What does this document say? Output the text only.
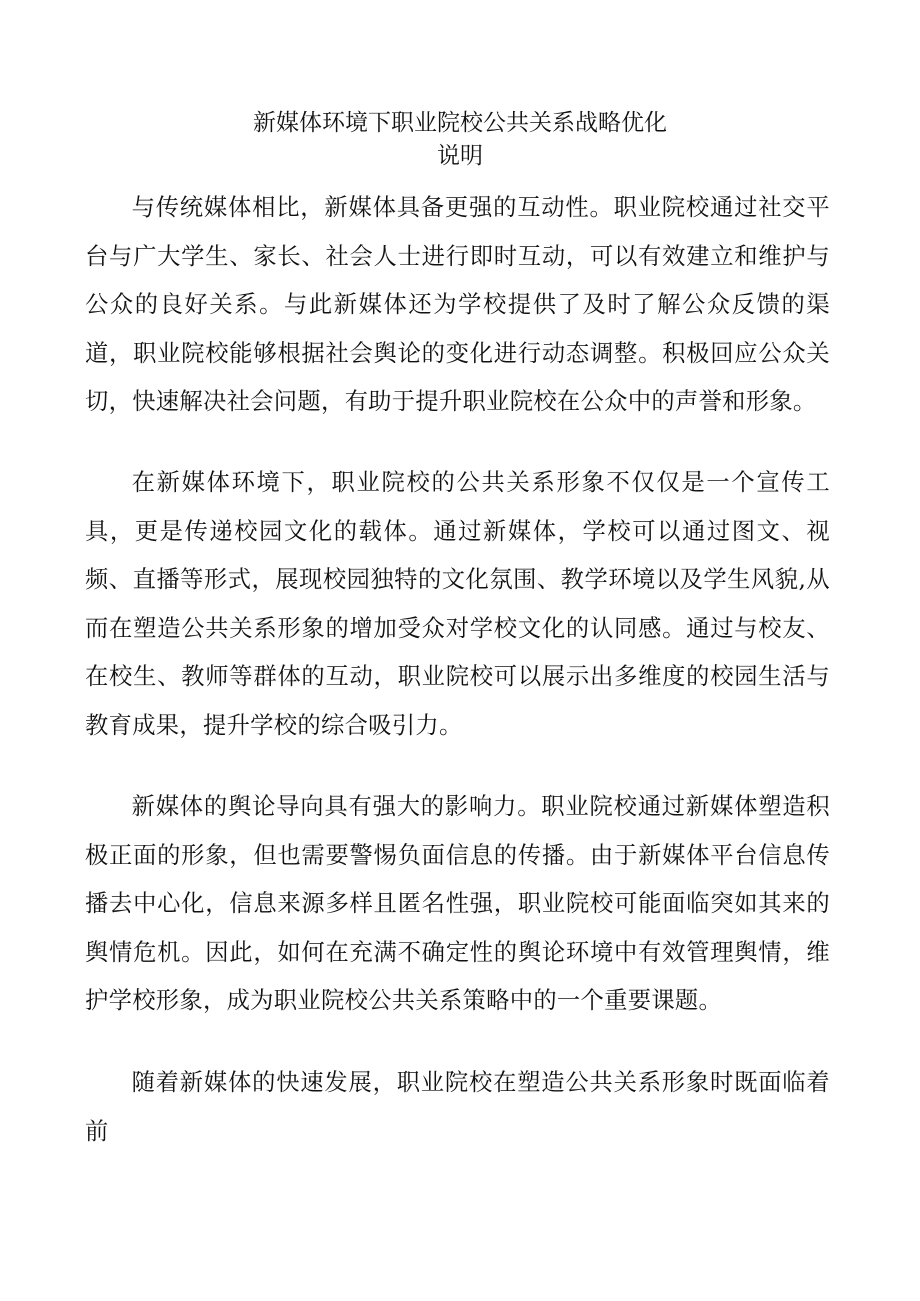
新媒体环境下职业院校公共关系战略优化
说明

与传统媒体相比，新媒体具备更强的互动性。职业院校通过社交平台与广大学生、家长、社会人士进行即时互动，可以有效建立和维护与公众的良好关系。与此新媒体还为学校提供了及时了解公众反馈的渠道，职业院校能够根据社会舆论的变化进行动态调整。积极回应公众关切，快速解决社会问题，有助于提升职业院校在公众中的声誉和形象。

在新媒体环境下，职业院校的公共关系形象不仅仅是一个宣传工具，更是传递校园文化的载体。通过新媒体，学校可以通过图文、视频、直播等形式，展现校园独特的文化氛围、教学环境以及学生风貌,从而在塑造公共关系形象的增加受众对学校文化的认同感。通过与校友、在校生、教师等群体的互动，职业院校可以展示出多维度的校园生活与教育成果，提升学校的综合吸引力。

新媒体的舆论导向具有强大的影响力。职业院校通过新媒体塑造积极正面的形象，但也需要警惕负面信息的传播。由于新媒体平台信息传播去中心化，信息来源多样且匿名性强，职业院校可能面临突如其来的舆情危机。因此，如何在充满不确定性的舆论环境中有效管理舆情，维护学校形象，成为职业院校公共关系策略中的一个重要课题。

随着新媒体的快速发展，职业院校在塑造公共关系形象时既面临着前
